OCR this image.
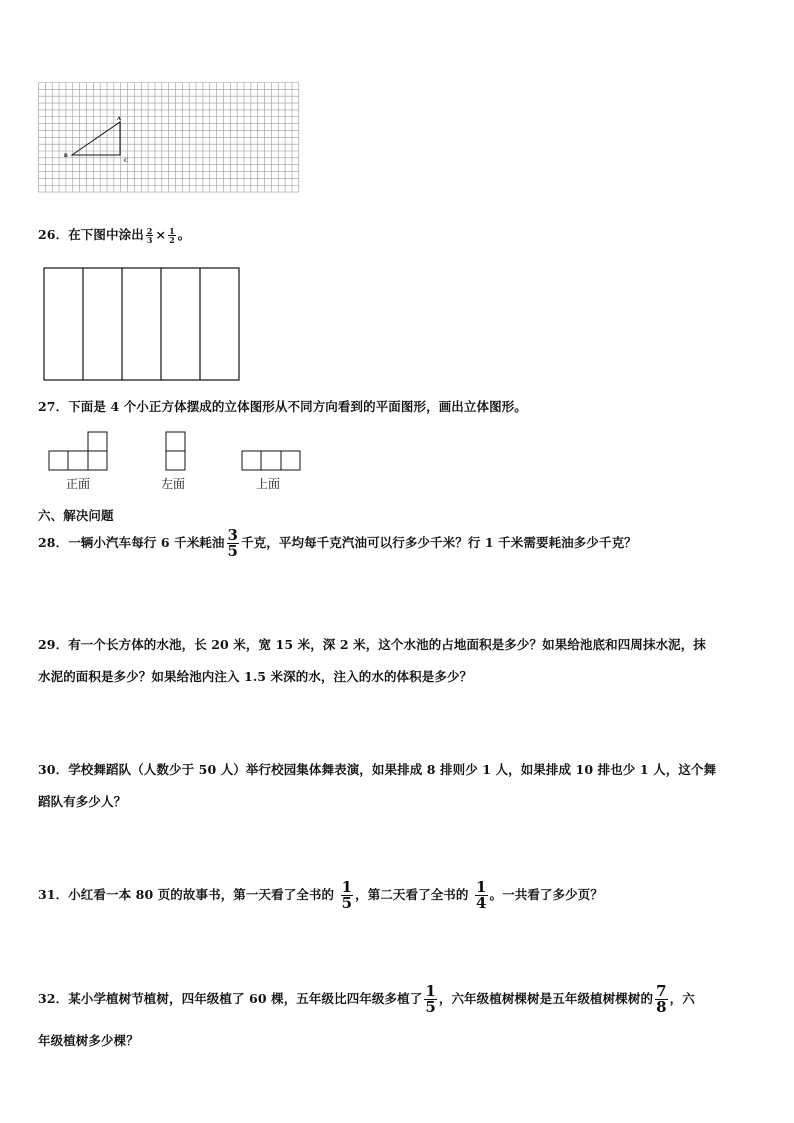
A
B
C
26．在下图中涂出 $\frac{2}{3} \times \frac{1}{2}$ 。
27．下面是 4 个小正方体摆成的立体图形从不同方向看到的平面图形，画出立体图形。
正面	左面	上面
六、解决问题
28．一辆小汽车每行 6 千米耗油 $\frac{3}{5}$ 千克，平均每千克汽油可以行多少千米？行 1 千米需要耗油多少千克？
29．有一个长方体的水池，长 20 米，宽 15 米，深 2 米，这个水池的占地面积是多少？如果给池底和四周抹水泥，抹
水泥的面积是多少？如果给池内注入 1.5 米深的水，注入的水的体积是多少？
30．学校舞蹈队（人数少于 50 人）举行校园集体舞表演，如果排成 8 排则少 1 人，如果排成 10 排也少 1 人，这个舞
蹈队有多少人？
31．小红看一本 80 页的故事书，第一天看了全书的 $\frac{1}{5}$ ，第二天看了全书的 $\frac{1}{4}$ 。一共看了多少页？
32．某小学植树节植树，四年级植了 60 棵，五年级比四年级多植了 $\frac{1}{5}$ ，六年级植树棵树是五年级植树棵树的 $\frac{7}{8}$ ，六
年级植树多少棵？
